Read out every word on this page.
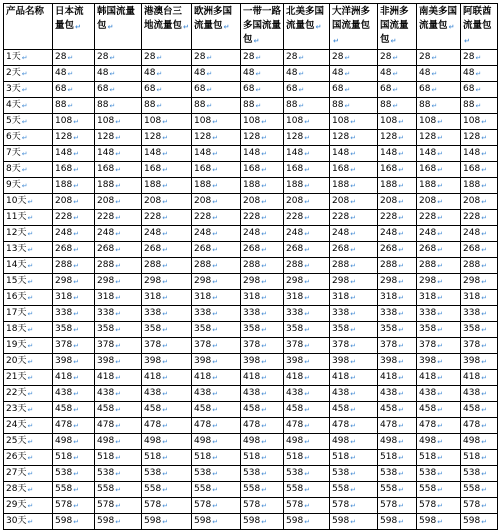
产品名称	日本流量包↵	韩国流量包↵	港澳台三地流量包↵	欧洲多国流量包↵	一带一路多国流量包↵	北美多国流量包↵	大洋洲多国流量包↵	非洲多国流量包↵	南美多国流量包↵	阿联酋流量包↵
1天↵	28↵	28↵	28↵	28↵	28↵	28↵	28↵	28↵	28↵	28↵
2天↵	48↵	48↵	48↵	48↵	48↵	48↵	48↵	48↵	48↵	48↵
3天↵	68↵	68↵	68↵	68↵	68↵	68↵	68↵	68↵	68↵	68↵
4天↵	88↵	88↵	88↵	88↵	88↵	88↵	88↵	88↵	88↵	88↵
5天↵	108↵	108↵	108↵	108↵	108↵	108↵	108↵	108↵	108↵	108↵
6天↵	128↵	128↵	128↵	128↵	128↵	128↵	128↵	128↵	128↵	128↵
7天↵	148↵	148↵	148↵	148↵	148↵	148↵	148↵	148↵	148↵	148↵
8天↵	168↵	168↵	168↵	168↵	168↵	168↵	168↵	168↵	168↵	168↵
9天↵	188↵	188↵	188↵	188↵	188↵	188↵	188↵	188↵	188↵	188↵
10天↵	208↵	208↵	208↵	208↵	208↵	208↵	208↵	208↵	208↵	208↵
11天↵	228↵	228↵	228↵	228↵	228↵	228↵	228↵	228↵	228↵	228↵
12天↵	248↵	248↵	248↵	248↵	248↵	248↵	248↵	248↵	248↵	248↵
13天↵	268↵	268↵	268↵	268↵	268↵	268↵	268↵	268↵	268↵	268↵
14天↵	288↵	288↵	288↵	288↵	288↵	288↵	288↵	288↵	288↵	288↵
15天↵	298↵	298↵	298↵	298↵	298↵	298↵	298↵	298↵	298↵	298↵
16天↵	318↵	318↵	318↵	318↵	318↵	318↵	318↵	318↵	318↵	318↵
17天↵	338↵	338↵	338↵	338↵	338↵	338↵	338↵	338↵	338↵	338↵
18天↵	358↵	358↵	358↵	358↵	358↵	358↵	358↵	358↵	358↵	358↵
19天↵	378↵	378↵	378↵	378↵	378↵	378↵	378↵	378↵	378↵	378↵
20天↵	398↵	398↵	398↵	398↵	398↵	398↵	398↵	398↵	398↵	398↵
21天↵	418↵	418↵	418↵	418↵	418↵	418↵	418↵	418↵	418↵	418↵
22天↵	438↵	438↵	438↵	438↵	438↵	438↵	438↵	438↵	438↵	438↵
23天↵	458↵	458↵	458↵	458↵	458↵	458↵	458↵	458↵	458↵	458↵
24天↵	478↵	478↵	478↵	478↵	478↵	478↵	478↵	478↵	478↵	478↵
25天↵	498↵	498↵	498↵	498↵	498↵	498↵	498↵	498↵	498↵	498↵
26天↵	518↵	518↵	518↵	518↵	518↵	518↵	518↵	518↵	518↵	518↵
27天↵	538↵	538↵	538↵	538↵	538↵	538↵	538↵	538↵	538↵	538↵
28天↵	558↵	558↵	558↵	558↵	558↵	558↵	558↵	558↵	558↵	558↵
29天↵	578↵	578↵	578↵	578↵	578↵	578↵	578↵	578↵	578↵	578↵
30天↵	598↵	598↵	598↵	598↵	598↵	598↵	598↵	598↵	598↵	598↵
